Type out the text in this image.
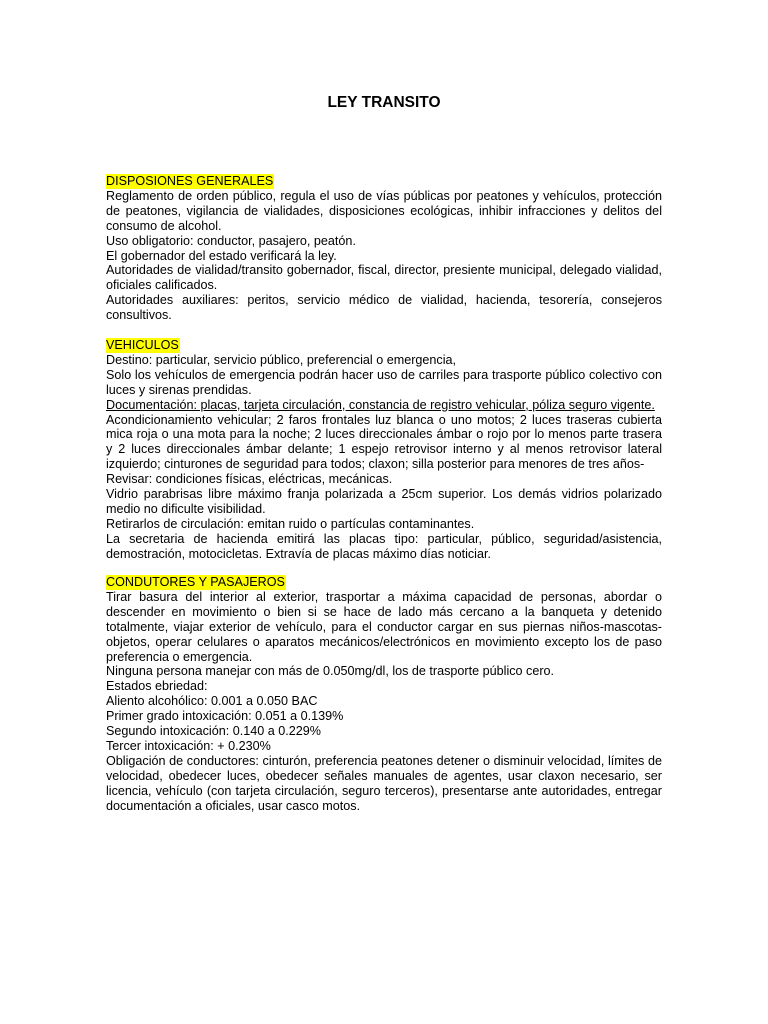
LEY TRANSITO

DISPOSIONES GENERALES

Reglamento de orden público, regula el uso de vías públicas por peatones y vehículos, protección de peatones, vigilancia de vialidades, disposiciones ecológicas, inhibir infracciones y delitos del consumo de alcohol.

Uso obligatorio: conductor, pasajero, peatón.

El gobernador del estado verificará la ley.

Autoridades de vialidad/transito gobernador, fiscal, director, presiente municipal, delegado vialidad, oficiales calificados.

Autoridades auxiliares: peritos, servicio médico de vialidad, hacienda, tesorería, consejeros consultivos.

VEHICULOS

Destino: particular, servicio público, preferencial o emergencia,

Solo los vehículos de emergencia podrán hacer uso de carriles para trasporte público colectivo con luces y sirenas prendidas.

Documentación: placas, tarjeta circulación, constancia de registro vehicular, póliza seguro vigente.

Acondicionamiento vehicular; 2 faros frontales luz blanca o uno motos; 2 luces traseras cubierta mica roja o una mota para la noche; 2 luces direccionales ámbar o rojo por lo menos parte trasera y 2 luces direccionales ámbar delante; 1 espejo retrovisor interno y al menos retrovisor lateral izquierdo; cinturones de seguridad para todos; claxon; silla posterior para menores de tres años-

Revisar: condiciones físicas, eléctricas, mecánicas.

Vidrio parabrisas libre máximo franja polarizada a 25cm superior. Los demás vidrios polarizado medio no dificulte visibilidad.

Retirarlos de circulación: emitan ruido o partículas contaminantes.

La secretaria de hacienda emitirá las placas tipo: particular, público, seguridad/asistencia, demostración, motocicletas. Extravía de placas máximo días noticiar.

CONDUTORES Y PASAJEROS

Tirar basura del interior al exterior, trasportar a máxima capacidad de personas, abordar o descender en movimiento o bien si se hace de lado más cercano a la banqueta y detenido totalmente, viajar exterior de vehículo, para el conductor cargar en sus piernas niños-mascotas-objetos, operar celulares o aparatos mecánicos/electrónicos en movimiento excepto los de paso preferencia o emergencia.

Ninguna persona manejar con más de 0.050mg/dl, los de trasporte público cero.

Estados ebriedad:

Aliento alcohólico: 0.001 a 0.050 BAC

Primer grado intoxicación: 0.051 a 0.139%

Segundo intoxicación: 0.140 a 0.229%

Tercer intoxicación: + 0.230%

Obligación de conductores: cinturón, preferencia peatones detener o disminuir velocidad, límites de velocidad, obedecer luces, obedecer señales manuales de agentes, usar claxon necesario, ser licencia, vehículo (con tarjeta circulación, seguro terceros), presentarse ante autoridades, entregar documentación a oficiales, usar casco motos.
